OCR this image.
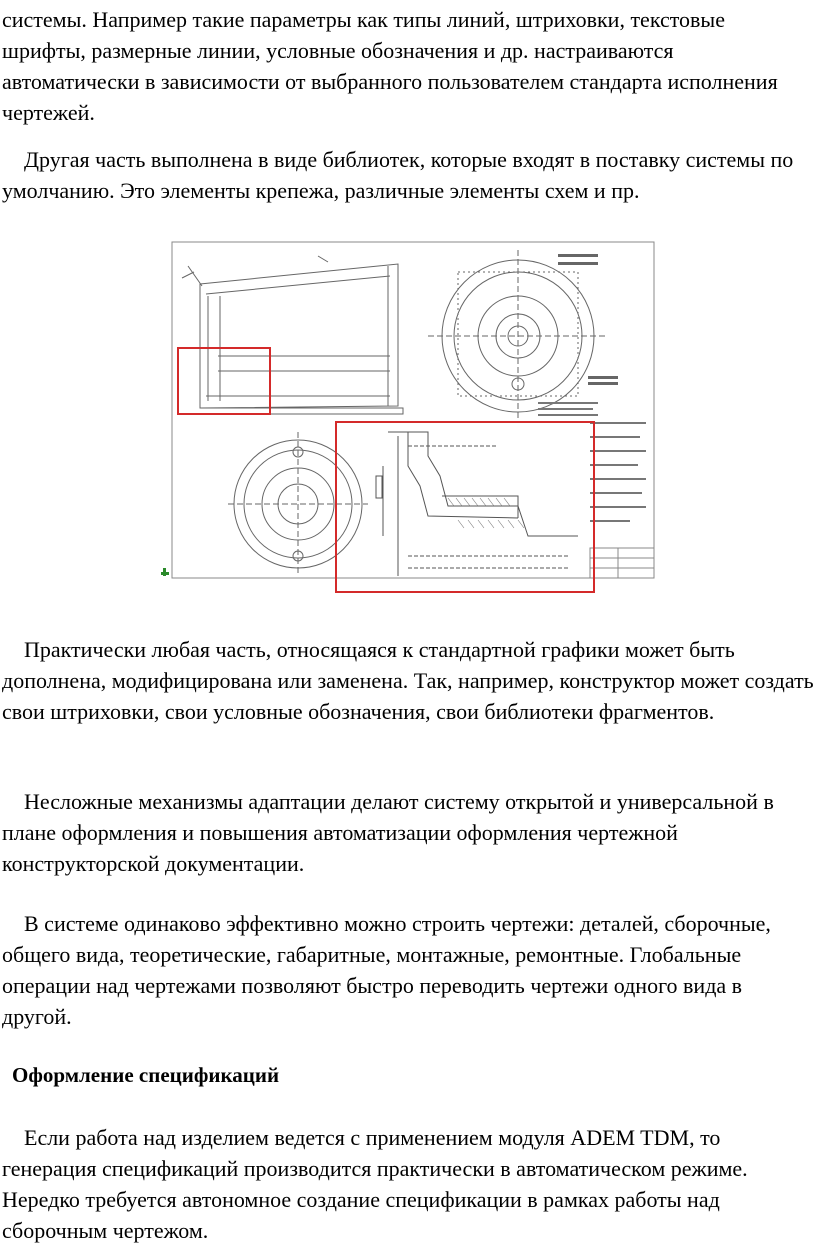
системы. Например такие параметры как типы линий, штриховки, текстовые шрифты, размерные линии, условные обозначения и др. настраиваются автоматически в зависимости от выбранного пользователем стандарта исполнения чертежей.

Другая часть выполнена в виде библиотек, которые входят в поставку системы по умолчанию. Это элементы крепежа, различные элементы схем и пр.

Практически любая часть, относящаяся к стандартной графики может быть дополнена, модифицирована или заменена. Так, например, конструктор может создать свои штриховки, свои условные обозначения, свои библиотеки фрагментов.

Несложные механизмы адаптации делают систему открытой и универсальной в плане оформления и повышения автоматизации оформления чертежной конструкторской документации.

В системе одинаково эффективно можно строить чертежи: деталей, сборочные, общего вида, теоретические, габаритные, монтажные, ремонтные. Глобальные операции над чертежами позволяют быстро переводить чертежи одного вида в другой.

Оформление спецификаций

Если работа над изделием ведется с применением модуля ADEM TDM, то генерация спецификаций производится практически в автоматическом режиме. Нередко требуется автономное создание спецификации в рамках работы над сборочным чертежом.
